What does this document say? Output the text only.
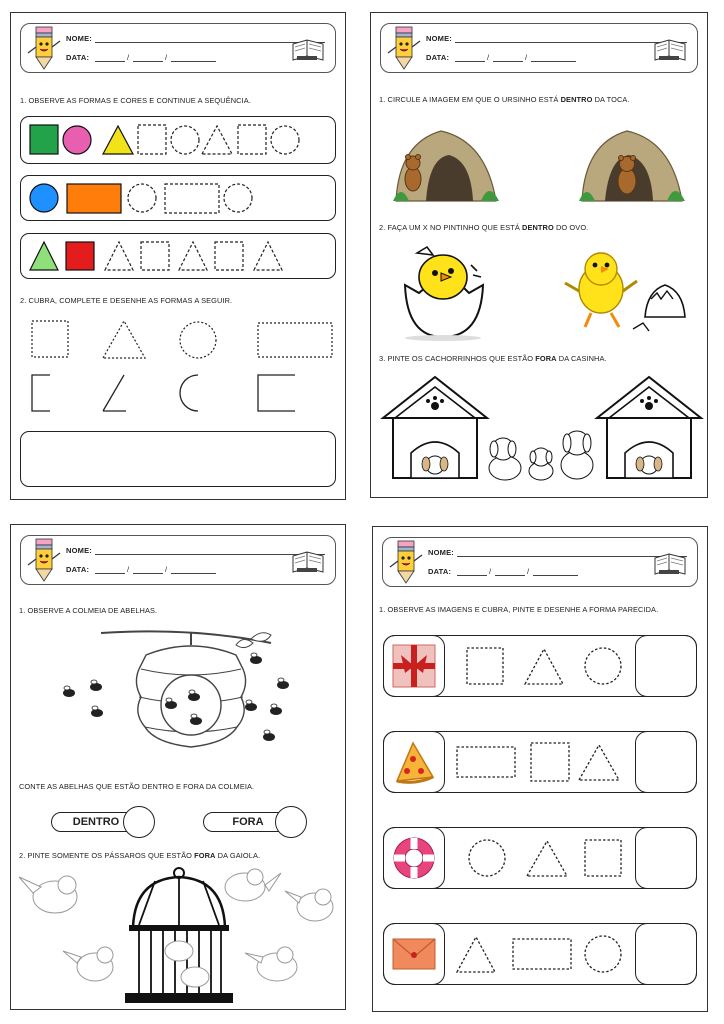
NOME:
DATA:	/	/
1. OBSERVE AS FORMAS E CORES E CONTINUE A SEQUÊNCIA.
2. CUBRA, COMPLETE E DESENHE AS FORMAS A SEGUIR.
NOME:
DATA:	/	/
1. CIRCULE A IMAGEM EM QUE O URSINHO ESTÁ DENTRO DA TOCA.
2. FAÇA UM X NO PINTINHO QUE ESTÁ DENTRO DO OVO.
3. PINTE OS CACHORRINHOS QUE ESTÃO FORA DA CASINHA.
NOME:
DATA:	/	/
1. OBSERVE A COLMEIA DE ABELHAS.
CONTE AS ABELHAS QUE ESTÃO DENTRO E FORA DA COLMEIA.
DENTRO	FORA
2. PINTE SOMENTE OS PÁSSAROS QUE ESTÃO FORA DA GAIOLA.
NOME:
DATA:	/	/
1. OBSERVE AS IMAGENS E CUBRA, PINTE E DESENHE A FORMA PARECIDA.
